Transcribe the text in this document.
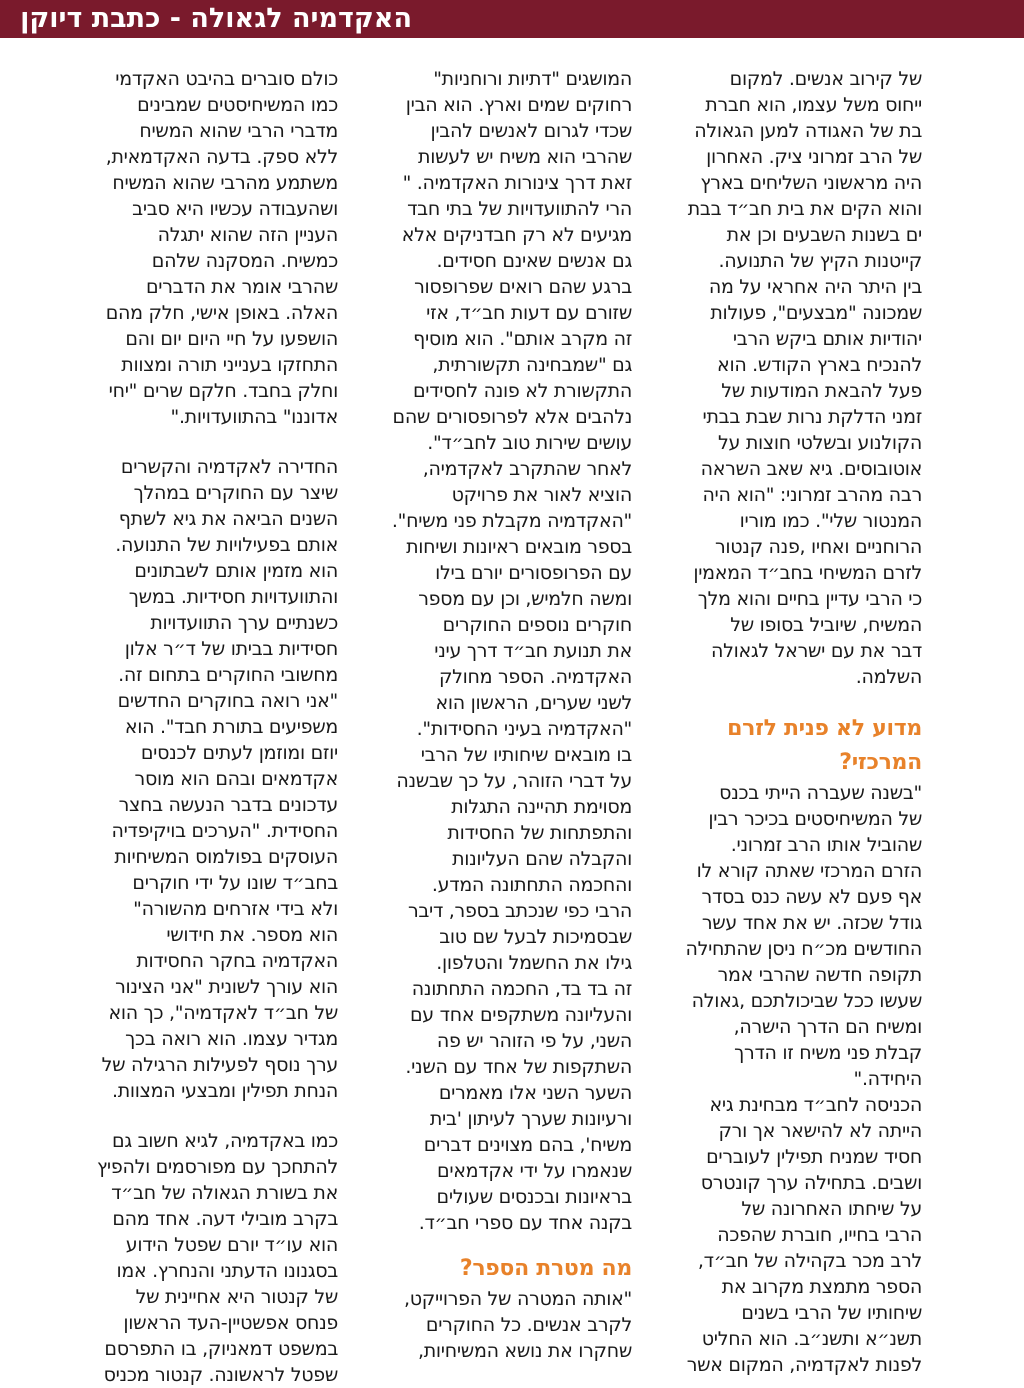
האקדמיה לגאולה - כתבת דיוקן
של קירוב אנשים. למקום
ייחוס משל עצמו, הוא חברת
בת של האגודה למען הגאולה
של הרב זמרוני ציק. האחרון
היה מראשוני השליחים בארץ
והוא הקים את בית חב״ד בבת
ים בשנות השבעים וכן את
קייטנות הקיץ של התנועה.
בין היתר היה אחראי על מה
שמכונה "מבצעים", פעולות
יהודיות אותם ביקש הרבי
להנכיח בארץ הקודש. הוא
פעל להבאת המודעות של
זמני הדלקת נרות שבת בבתי
הקולנוע ובשלטי חוצות על
אוטובוסים. גיא שאב השראה
רבה מהרב זמרוני: "הוא היה
המנטור שלי". כמו מוריו
הרוחניים ואחיו ,פנה קנטור
לזרם המשיחי בחב״ד המאמין
כי הרבי עדיין בחיים והוא מלך
המשיח, שיוביל בסופו של
דבר את עם ישראל לגאולה
השלמה.
מדוע לא פנית לזרם
המרכזי?
"בשנה שעברה הייתי בכנס
של המשיחיסטים בכיכר רבין
שהוביל אותו הרב זמרוני.
הזרם המרכזי שאתה קורא לו
אף פעם לא עשה כנס בסדר
גודל שכזה. יש את אחד עשר
החודשים מכ״ח ניסן שהתחילה
תקופה חדשה שהרבי אמר
שעשו ככל שביכולתכם ,גאולה
ומשיח הם הדרך הישרה,
קבלת פני משיח זו הדרך
היחידה."
הכניסה לחב״ד מבחינת גיא
הייתה לא להישאר אך ורק
חסיד שמניח תפילין לעוברים
ושבים. בתחילה ערך קונטרס
על שיחתו האחרונה של
הרבי בחייו, חוברת שהפכה
לרב מכר בקהילה של חב״ד,
הספר מתמצת מקרוב את
שיחותיו של הרבי בשנים
תשנ״א ותשנ״ב. הוא החליט
לפנות לאקדמיה, המקום אשר
המושגים "דתיות ורוחניות"
רחוקים שמים וארץ. הוא הבין
שכדי לגרום לאנשים להבין
שהרבי הוא משיח יש לעשות
זאת דרך צינורות האקדמיה. "
הרי להתוועדויות של בתי חבד
מגיעים לא רק חבדניקים אלא
גם אנשים שאינם חסידים.
ברגע שהם רואים שפרופסור
שזורם עם דעות חב״ד, אזי
זה מקרב אותם". הוא מוסיף
גם "שמבחינה תקשורתית,
התקשורת לא פונה לחסידים
נלהבים אלא לפרופסורים שהם
עושים שירות טוב לחב״ד".
לאחר שהתקרב לאקדמיה,
הוציא לאור את פרויקט
"האקדמיה מקבלת פני משיח".
בספר מובאים ראיונות ושיחות
עם הפרופסורים יורם בילו
ומשה חלמיש, וכן עם מספר
חוקרים נוספים החוקרים
את תנועת חב״ד דרך עיני
האקדמיה. הספר מחולק
לשני שערים, הראשון הוא
"האקדמיה בעיני החסידות".
בו מובאים שיחותיו של הרבי
על דברי הזוהר, על כך שבשנה
מסוימת תהיינה התגלות
והתפתחות של החסידות
והקבלה שהם העליונות
והחכמה התחתונה המדע.
הרבי כפי שנכתב בספר, דיבר
שבסמיכות לבעל שם טוב
גילו את החשמל והטלפון.
זה בד בד, החכמה התחתונה
והעליונה משתקפים אחד עם
השני, על פי הזוהר יש פה
השתקפות של אחד עם השני.
השער השני אלו מאמרים
ורעיונות שערך לעיתון 'בית
משיח', בהם מצוינים דברים
שנאמרו על ידי אקדמאים
בראיונות ובכנסים שעולים
בקנה אחד עם ספרי חב״ד.
מה מטרת הספר?
"אותה המטרה של הפרוייקט,
לקרב אנשים. כל החוקרים
שחקרו את נושא המשיחיות,
כולם סוברים בהיבט האקדמי
כמו המשיחיסטים שמבינים
מדברי הרבי שהוא המשיח
ללא ספק. בדעה האקדמאית,
משתמע מהרבי שהוא המשיח
ושהעבודה עכשיו היא סביב
העניין הזה שהוא יתגלה
כמשיח. המסקנה שלהם
שהרבי אומר את הדברים
האלה. באופן אישי, חלק מהם
הושפעו על חיי היום יום והם
התחזקו בענייני תורה ומצוות
וחלק בחבד. חלקם שרים "יחי
אדוננו" בהתוועדויות."
החדירה לאקדמיה והקשרים
שיצר עם החוקרים במהלך
השנים הביאה את גיא לשתף
אותם בפעילויות של התנועה.
הוא מזמין אותם לשבתונים
והתוועדויות חסידיות. במשך
כשנתיים ערך התוועדויות
חסידיות בביתו של ד״ר אלון
מחשובי החוקרים בתחום זה.
"אני רואה בחוקרים החדשים
משפיעים בתורת חבד". הוא
יוזם ומוזמן לעתים לכנסים
אקדמאים ובהם הוא מוסר
עדכונים בדבר הנעשה בחצר
החסידית. "הערכים בויקיפדיה
העוסקים בפולמוס המשיחיות
בחב״ד שונו על ידי חוקרים
ולא בידי אזרחים מהשורה"
הוא מספר. את חידושי
האקדמיה בחקר החסידות
הוא עורך לשונית "אני הצינור
של חב״ד לאקדמיה", כך הוא
מגדיר עצמו. הוא רואה בכך
ערך נוסף לפעילות הרגילה של
הנחת תפילין ומבצעי המצוות.
כמו באקדמיה, לגיא חשוב גם
להתחכך עם מפורסמים ולהפיץ
את בשורת הגאולה של חב״ד
בקרב מובילי דעה. אחד מהם
הוא עו״ד יורם שפטל הידוע
בסגנונו הדעתני והנחרץ. אמו
של קנטור היא אחיינית של
פנחס אפשטיין-העד הראשון
במשפט דמאניוק, בו התפרסם
שפטל לראשונה. קנטור מכניס
